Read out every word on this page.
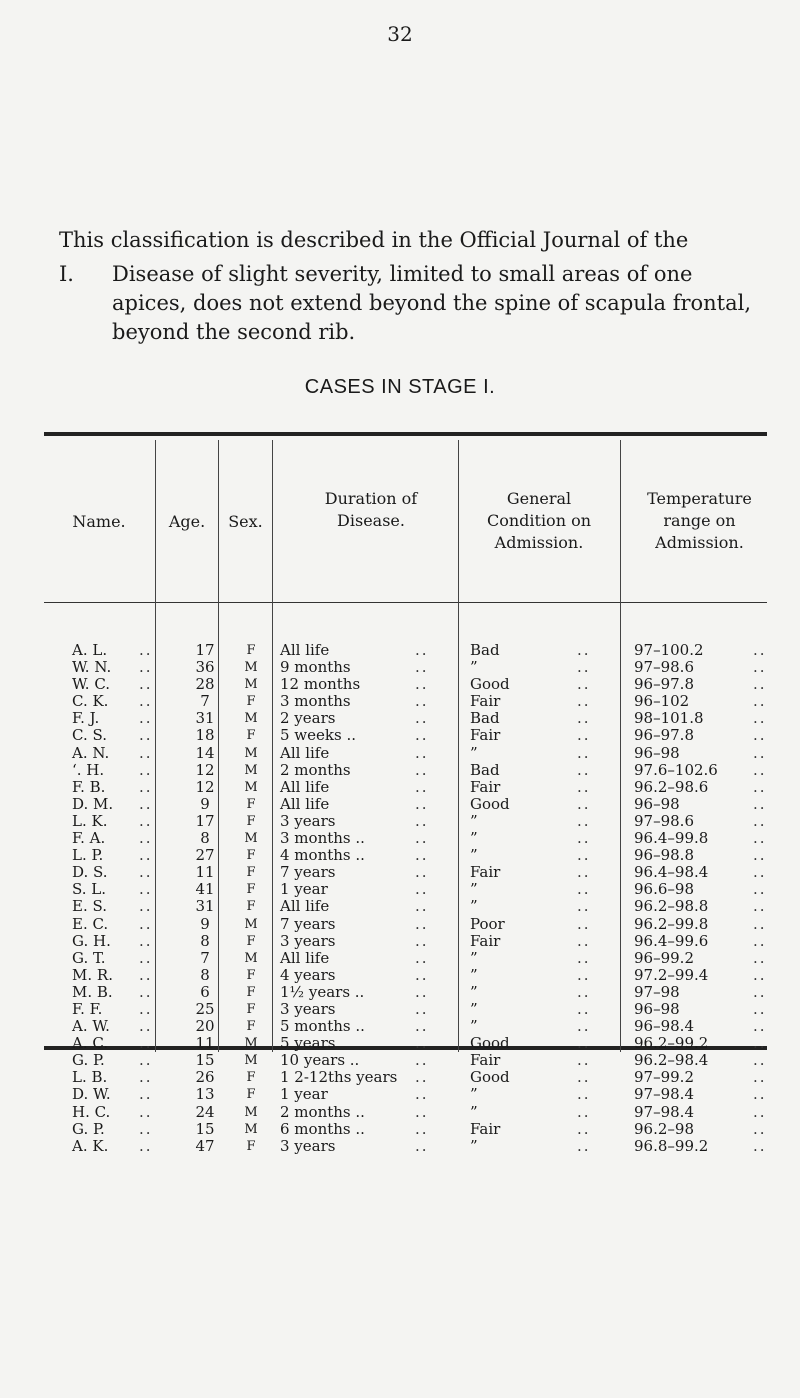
32

This classification is described in the Official Journal of the

I. Disease of slight severity, limited to small areas of one apices, does not extend beyond the spine of scapula frontal, beyond the second rib.
CASES IN STAGE I.
Name.	Age.	Sex.
Duration of Disease.
General Condition on Admission.
Temperature range on Admission.
A. L.	17	F	All life	Bad	97–100.2
..	..	..	..
W. N.	36	M	9 months	”	97–98.6
..	..	..	..
W. C.	28	M	12 months	Good	96–97.8
..	..	..	..
C. K.	7	F	3 months	Fair	96–102
..	..	..	..
F. J.	31	M	2 years	Bad	98–101.8
..	..	..	..
C. S.	18	F	5 weeks ..	Fair	96–97.8
..	..	..	..
A. N.	14	M	All life	”	96–98
..	..	..	..
‘. H.	12	M	2 months	Bad	97.6–102.6
..	..	..	..
F. B.	12	M	All life	Fair	96.2–98.6
..	..	..	..
D. M.	9	F	All life	Good	96–98
..	..	..	..
L. K.	17	F	3 years	”	97–98.6
..	..	..	..
F. A.	8	M	3 months ..	”	96.4–99.8
..	..	..	..
L. P.	27	F	4 months ..	”	96–98.8
..	..	..	..
D. S.	11	F	7 years	Fair	96.4–98.4
..	..	..	..
S. L.	41	F	1 year	”	96.6–98
..	..	..	..
E. S.	31	F	All life	”	96.2–98.8
..	..	..	..
E. C.	9	M	7 years	Poor	96.2–99.8
..	..	..	..
G. H.	8	F	3 years	Fair	96.4–99.6
..	..	..	..
G. T.	7	M	All life	”	96–99.2
..	..	..	..
M. R.	8	F	4 years	”	97.2–99.4
..	..	..	..
M. B.	6	F	1½ years ..	”	97–98
..	..	..	..
F. F.	25	F	3 years	”	96–98
..	..	..	..
A. W.	20	F	5 months ..	”	96–98.4
..	..	..	..
A. C.	11	M	5 years	Good	96.2–99.2
..	..	..	..
G. P.	15	M	10 years ..	Fair	96.2–98.4
..	..	..	..
L. B.	26	F	1 2-12ths years	Good	97–99.2
..	..	..	..
D. W.	13	F	1 year	”	97–98.4
..	..	..	..
H. C.	24	M	2 months ..	”	97–98.4
..	..	..	..
G. P.	15	M	6 months ..	Fair	96.2–98
..	..	..	..
A. K.	47	F	3 years	”	96.8–99.2
..	..	..	..
